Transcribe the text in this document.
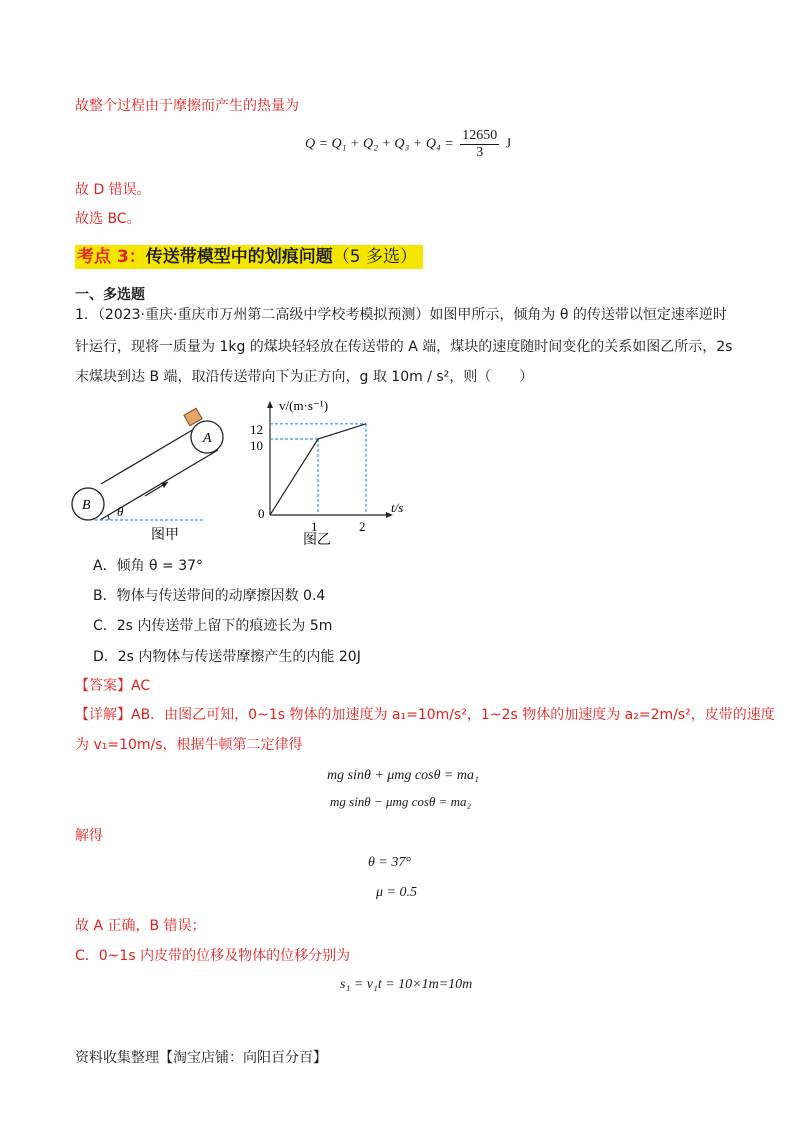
故整个过程由于摩擦而产生的热量为
$Q = Q_1 + Q_2 + Q_3 + Q_4 = \frac{12650}{3}$ J
故 D 错误。
故选 BC。
考点 3：传送带模型中的划痕问题（5 多选）
一、多选题
1．（2023·重庆·重庆市万州第二高级中学校考模拟预测）如图甲所示，倾角为 θ 的传送带以恒定速率逆时
针运行，现将一质量为 1kg 的煤块轻轻放在传送带的 A 端，煤块的速度随时间变化的关系如图乙所示，2s
末煤块到达 B 端，取沿传送带向下为正方向，g 取 10m / s²，则（　　）
A
B θ
图甲
v/(m·s⁻¹)
t/s
12
10
0
1	2
图乙
A．倾角 θ = 37°
B．物体与传送带间的动摩擦因数 0.4
C．2s 内传送带上留下的痕迹长为 5m
D．2s 内物体与传送带摩擦产生的内能 20J
【答案】AC
【详解】AB．由图乙可知，0~1s 物体的加速度为 a₁=10m/s²，1~2s 物体的加速度为 a₂=2m/s²，皮带的速度
为 v₁=10m/s，根据牛顿第二定律得
mg sinθ + μmg cosθ = ma₁
mg sinθ − μmg cosθ = ma₂
解得
θ = 37°
μ = 0.5
故 A 正确，B 错误；
C．0~1s 内皮带的位移及物体的位移分别为
s₁ = v₁t = 10×1m=10m
资料收集整理【淘宝店铺：向阳百分百】
